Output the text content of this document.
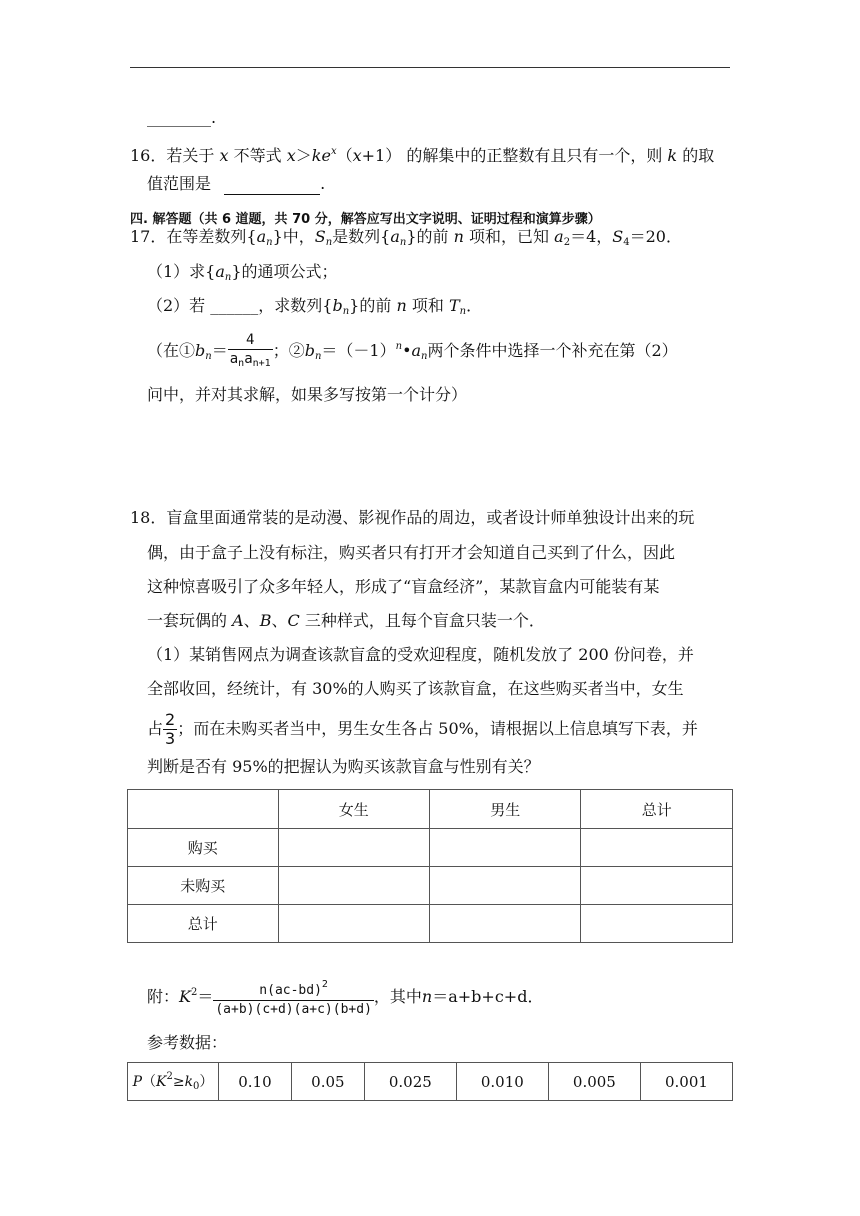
________.
16．若关于 x 不等式 $x>ke^x(x+1)$ 的解集中的正整数有且只有一个，则 k 的取
值范围是	.
四. 解答题（共 6 道题，共 70 分，解答应写出文字说明、证明过程和演算步骤）
17．在等差数列$\{a_n\}$中，$S_n$是数列$\{a_n\}$的前 n 项和，已知 $a_2=4$，$S_4=20$．
（1）求$\{a_n\}$的通项公式；
（2）若 ______，求数列$\{b_n\}$的前 n 项和 $T_n$．
（在$①b_n= \frac{4}{a_na_{n+1}}$ ；$②b_n=(-1)^n•a_n$两个条件中选择一个补充在第（2）
问中，并对其求解，如果多写按第一个计分）
18．盲盒里面通常装的是动漫、影视作品的周边，或者设计师单独设计出来的玩
偶，由于盒子上没有标注，购买者只有打开才会知道自己买到了什么，因此
这种惊喜吸引了众多年轻人，形成了“盲盒经济”，某款盲盒内可能装有某
一套玩偶的 A、B、C 三种样式，且每个盲盒只装一个．
（1）某销售网点为调查该款盲盒的受欢迎程度，随机发放了 200 份问卷，并
全部收回，经统计，有 30%的人购买了该款盲盒，在这些购买者当中，女生
占 $\frac{2}{3}$ ；而在未购买者当中，男生女生各占 50%，请根据以上信息填写下表，并
判断是否有 95%的把握认为购买该款盲盒与性别有关？
	女生	男生	总计
购买			
未购买			
总计			
附：$K^2= \frac{n(ac-bd)^2}{(a+b)(c+d)(a+c)(b+d)}$ ，其中n＝a+b+c+d．
参考数据：
$P(K^2\ge k_0)$	0.10	0.05	0.025	0.010	0.005	0.001
